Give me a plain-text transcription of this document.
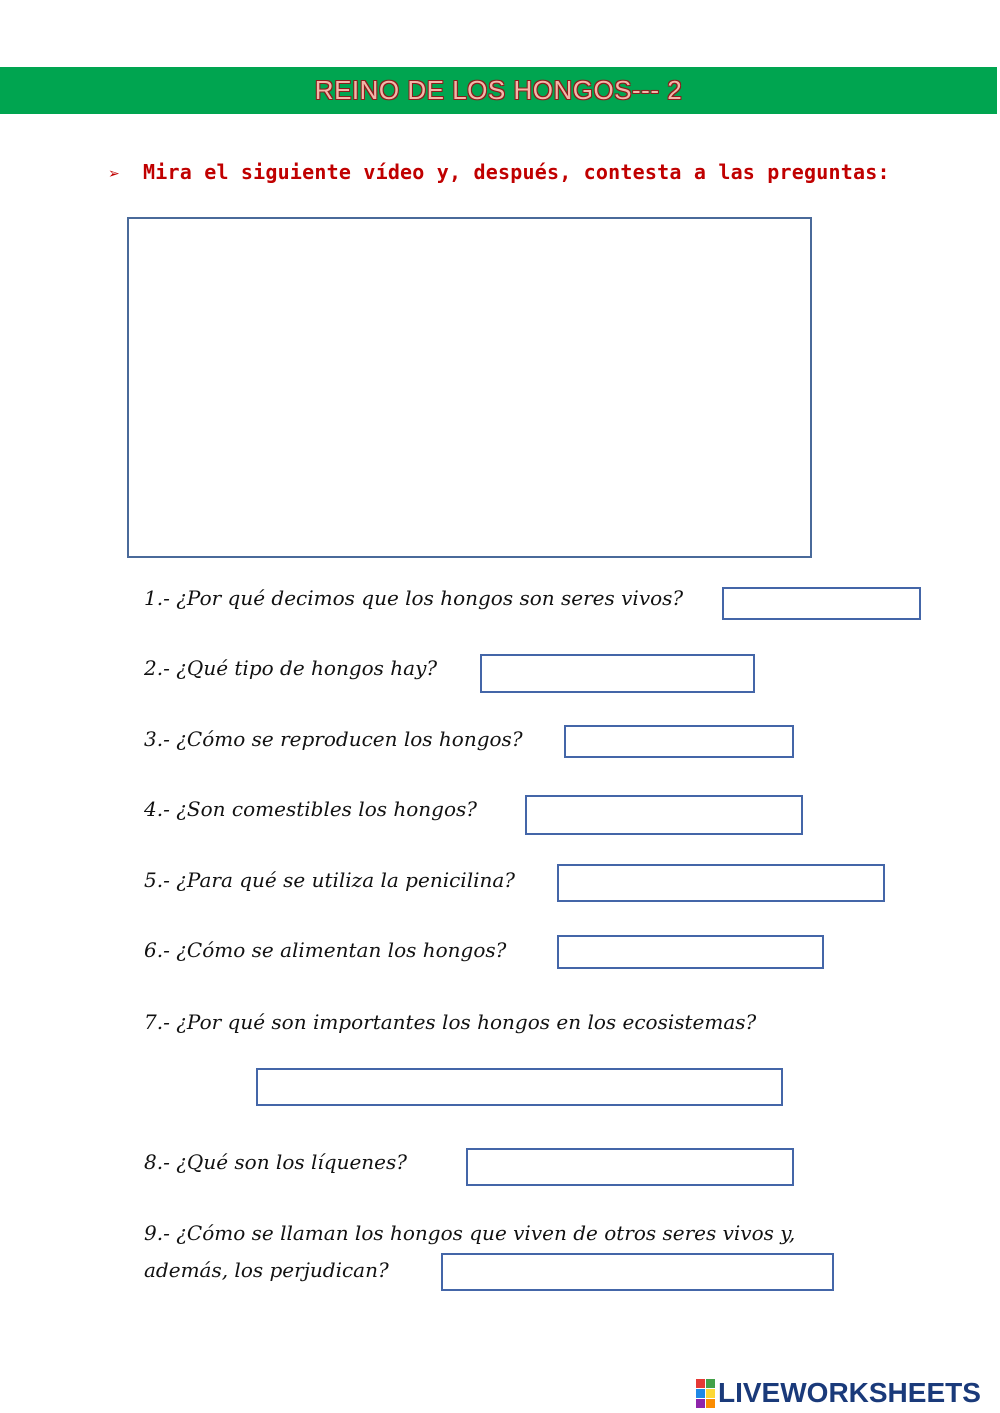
REINO DE LOS HONGOS--- 2
➢ Mira el siguiente vídeo y, después, contesta a las preguntas:
1.- ¿Por qué decimos que los hongos son seres vivos?
2.- ¿Qué tipo de hongos hay?
3.- ¿Cómo se reproducen los hongos?
4.- ¿Son comestibles los hongos?
5.- ¿Para qué se utiliza la penicilina?
6.- ¿Cómo se alimentan los hongos?
7.- ¿Por qué son importantes los hongos en los ecosistemas?
8.- ¿Qué son los líquenes?
9.- ¿Cómo se llaman los hongos que viven de otros seres vivos y,
además, los perjudican?
LIVEWORKSHEETS
